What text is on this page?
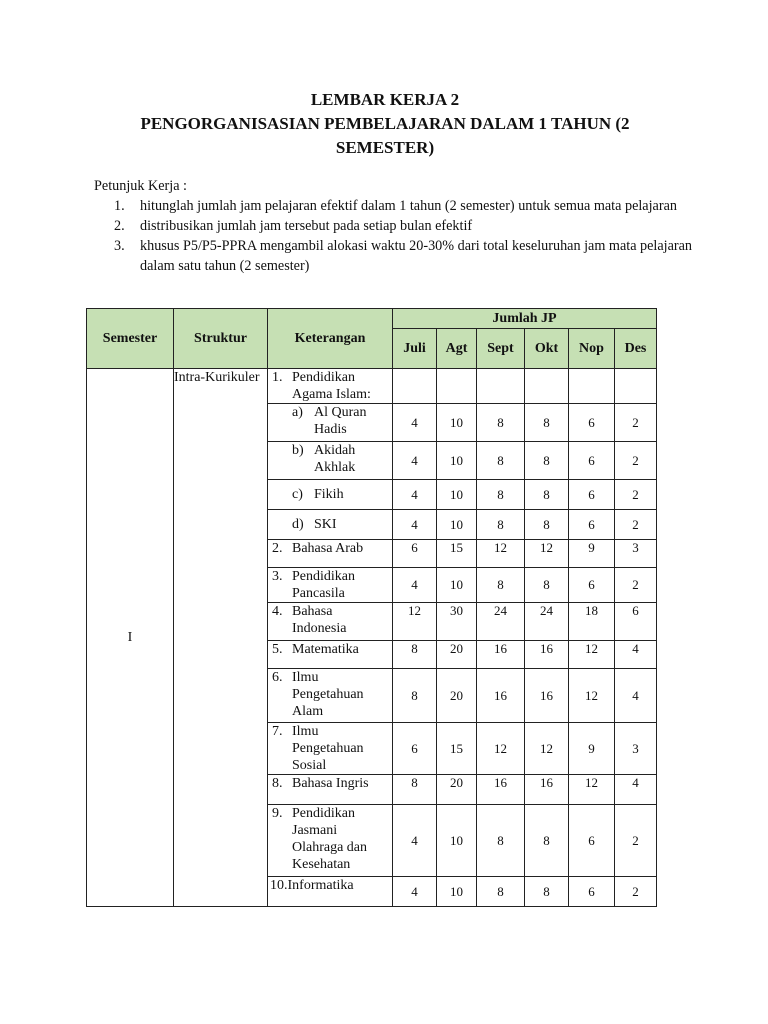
LEMBAR KERJA 2
PENGORGANISASIAN PEMBELAJARAN DALAM 1 TAHUN (2
SEMESTER)
Petunjuk Kerja :
1. hitunglah jumlah jam pelajaran efektif dalam 1 tahun (2 semester) untuk semua mata pelajaran
2. distribusikan jumlah jam tersebut pada setiap bulan efektif
3. khusus P5/P5-PPRA mengambil alokasi waktu 20-30% dari total keseluruhan jam mata pelajaran dalam satu tahun (2 semester)
Semester	Struktur	Keterangan	Jumlah JP					
			Juli	Agt	Sept	Okt	Nop	Des
I	Intra-Kurikuler	1. Pendidikan Agama Islam:						

		a) Al Quran Hadis	4	10	8	8	6	2

		b) Akidah Akhlak	4	10	8	8	6	2

		c) Fikih	4	10	8	8	6	2

		d) SKI	4	10	8	8	6	2

		2. Bahasa Arab	6	15	12	12	9	3

		3. Pendidikan Pancasila	4	10	8	8	6	2

		4. Bahasa Indonesia	12	30	24	24	18	6

		5. Matematika	8	20	16	16	12	4

		6. Ilmu Pengetahuan Alam	8	20	16	16	12	4

		7. Ilmu Pengetahuan Sosial	6	15	12	12	9	3

		8. Bahasa Ingris	8	20	16	16	12	4

		9. Pendidikan Jasmani Olahraga dan Kesehatan	4	10	8	8	6	2

		10.Informatika	4	10	8	8	6	2
